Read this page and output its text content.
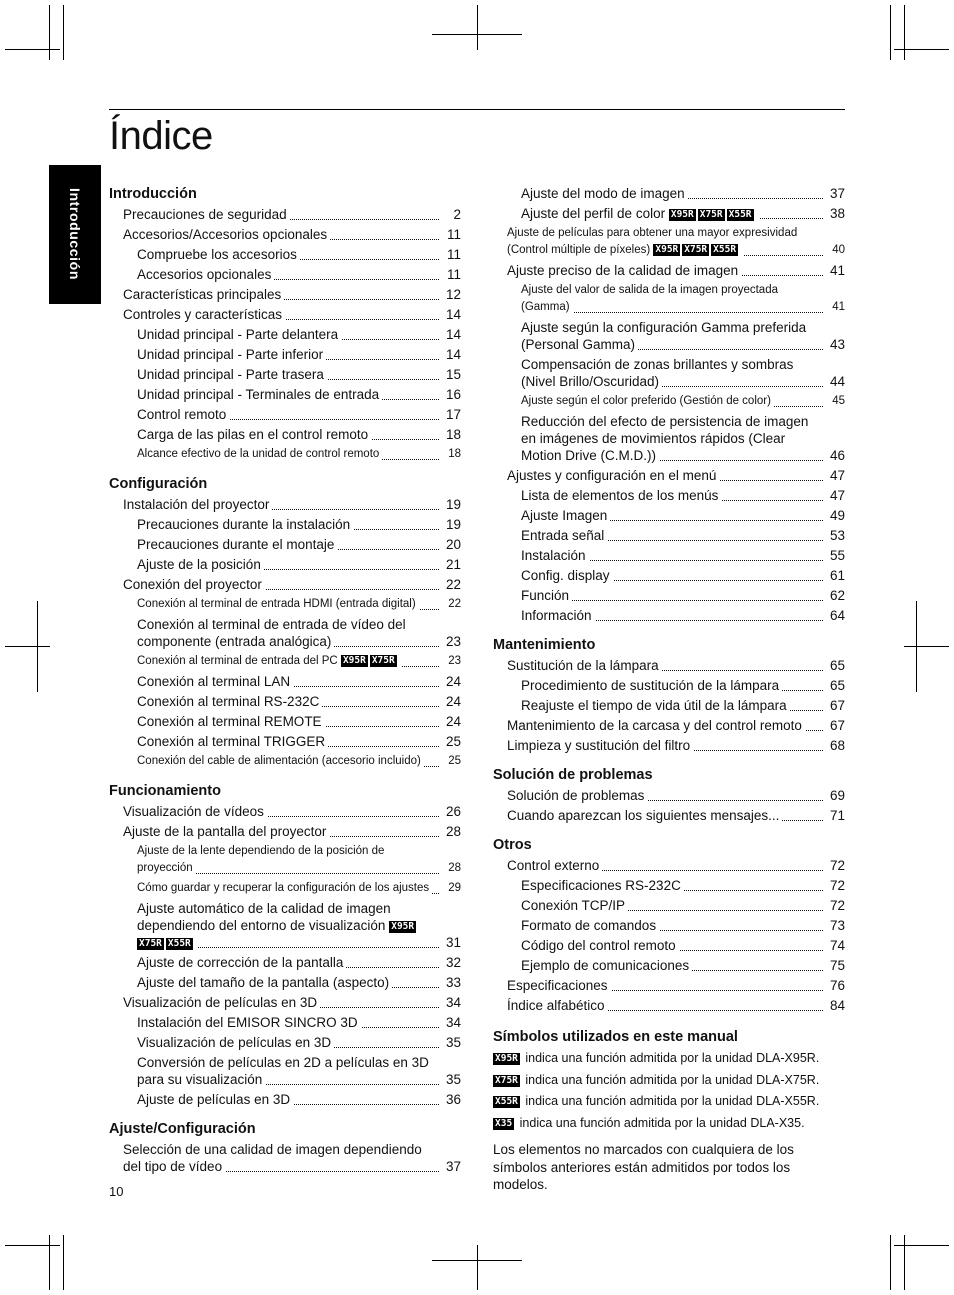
Índice
Introducción Introducción
Precauciones de seguridad	2
Accesorios/Accesorios opcionales	11
Compruebe los accesorios	11
Accesorios opcionales	11
Características principales	12
Controles y características	14
Unidad principal - Parte delantera	14
Unidad principal - Parte inferior	14
Unidad principal - Parte trasera	15
Unidad principal - Terminales de entrada	16
Control remoto	17
Carga de las pilas en el control remoto	18
Alcance efectivo de la unidad de control remoto	18
Configuración
Instalación del proyector	19
Precauciones durante la instalación	19
Precauciones durante el montaje	20
Ajuste de la posición	21
Conexión del proyector	22
Conexión al terminal de entrada HDMI (entrada digital)	22
Conexión al terminal de entrada de vídeo del componente (entrada analógica)	23
Conexión al terminal de entrada del PC X95R X75R	23
Conexión al terminal LAN	24
Conexión al terminal RS-232C	24
Conexión al terminal REMOTE	24
Conexión al terminal TRIGGER	25
Conexión del cable de alimentación (accesorio incluido) 25
Funcionamiento
Visualización de vídeos	26
Ajuste de la pantalla del proyector	28
Ajuste de la lente dependiendo de la posición de proyección	28
Cómo guardar y recuperar la configuración de los ajustes 29
Ajuste automático de la calidad de imagen dependiendo del entorno de visualización X95RX75R X55R	31
Ajuste de corrección de la pantalla	32
Ajuste del tamaño de la pantalla (aspecto)	33
Visualización de películas en 3D	34
Instalación del EMISOR SINCRO 3D	34
Visualización de películas en 3D	35
Conversión de películas en 2D a películas en 3D para su visualización	35
Ajuste de películas en 3D	36
Ajuste/Configuración
Selección de una calidad de imagen dependiendo del tipo de vídeo	37
Ajuste del modo de imagen	37
Ajuste del perfil de color X95R X75R X55R	38
Ajuste de películas para obtener una mayor expresividad (Control múltiple de píxeles) X95R X75R X55R	40
Ajuste preciso de la calidad de imagen	41
Ajuste del valor de salida de la imagen proyectada (Gamma)	41
Ajuste según la configuración Gamma preferida (Personal Gamma)	43
Compensación de zonas brillantes y sombras (Nivel Brillo/Oscuridad)	44
Ajuste según el color preferido (Gestión de color)	45
Reducción del efecto de persistencia de imagen en imágenes de movimientos rápidos (Clear Motion Drive (C.M.D.))	46
Ajustes y configuración en el menú	47
Lista de elementos de los menús	47
Ajuste Imagen	49
Entrada señal	53
Instalación	55
Config. display	61
Función	62
Información	64
Mantenimiento
Sustitución de la lámpara	65
Procedimiento de sustitución de la lámpara	65
Reajuste el tiempo de vida útil de la lámpara	67
Mantenimiento de la carcasa y del control remoto 67
Limpieza y sustitución del filtro	68
Solución de problemas
Solución de problemas	69
Cuando aparezcan los siguientes mensajes...	71
Otros
Control externo	72
Especificaciones RS-232C	72
Conexión TCP/IP	72
Formato de comandos	73
Código del control remoto	74
Ejemplo de comunicaciones	75
Especificaciones	76
Índice alfabético	84
Símbolos utilizados en este manual
X95R indica una función admitida por la unidad DLA-X95R.
X75R indica una función admitida por la unidad DLA-X75R.
X55R indica una función admitida por la unidad DLA-X55R.
X35 indica una función admitida por la unidad DLA-X35.
Los elementos no marcados con cualquiera de los símbolos anteriores están admitidos por todos los modelos.
10
